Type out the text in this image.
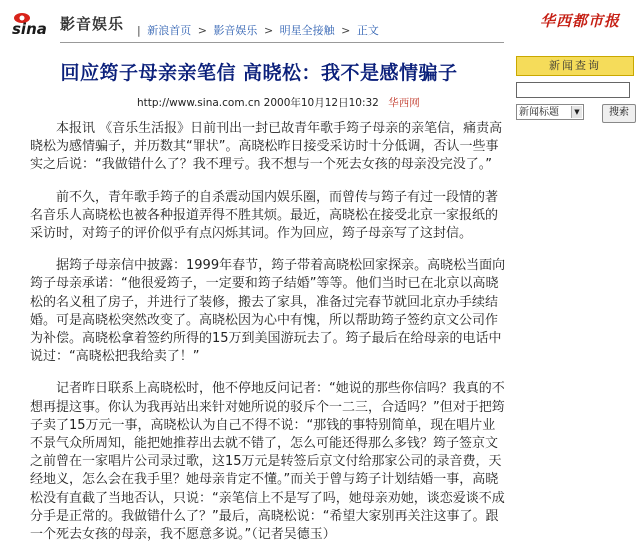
sina 影音娱乐 | 新浪首页 > 影音娱乐 > 明星全接触 > 正文
华西都市报
回应筠子母亲亲笔信 高晓松：我不是感情骗子
http://www.sina.com.cn 2000年10月12日10:32 华西网

本报讯 《音乐生活报》日前刊出一封已故青年歌手筠子母亲的亲笔信，痛责高晓松为感情骗子，并历数其“罪状”。高晓松昨日接受采访时十分低调，否认一些事实之后说：“我做错什么了？我不理亏。我不想与一个死去女孩的母亲没完没了。”

前不久，青年歌手筠子的自杀震动国内娱乐圈，而曾传与筠子有过一段情的著名音乐人高晓松也被各种报道弄得不胜其烦。最近，高晓松在接受北京一家报纸的采访时，对筠子的评价似乎有点闪烁其词。作为回应，筠子母亲写了这封信。

据筠子母亲信中披露：1999年春节，筠子带着高晓松回家探亲。高晓松当面向筠子母亲承诺：“他很爱筠子，一定要和筠子结婚”等等。他们当时已在北京以高晓松的名义租了房子，并进行了装修，搬去了家具，准备过完春节就回北京办手续结婚。可是高晓松突然改变了。高晓松因为心中有愧，所以帮助筠子签约京文公司作为补偿。高晓松拿着签约所得的15万到美国游玩去了。筠子最后在给母亲的电话中说过：“高晓松把我给卖了！”

记者昨日联系上高晓松时，他不停地反问记者：“她说的那些你信吗？我真的不想再提这事。你认为我再站出来针对她所说的驳斥个一二三，合适吗？”但对于把筠子卖了15万元一事，高晓松认为自己不得不说：“那钱的事特别简单，现在唱片业不景气众所周知，能把她推荐出去就不错了，怎么可能还得那么多钱？筠子签京文之前曾在一家唱片公司录过歌，这15万元是转签后京文付给那家公司的录音费，天经地义，怎么会在我手里？她母亲肯定不懂。”而关于曾与筠子计划结婚一事，高晓松没有直截了当地否认，只说：“亲笔信上不是写了吗，她母亲劝她，谈恋爱谈不成分手是正常的。我做错什么了？”最后，高晓松说：“希望大家别再关注这事了。跟一个死去女孩的母亲，我不愿意多说。”（记者吴德玉）

新闻查询
新闻标题	▼	搜索
